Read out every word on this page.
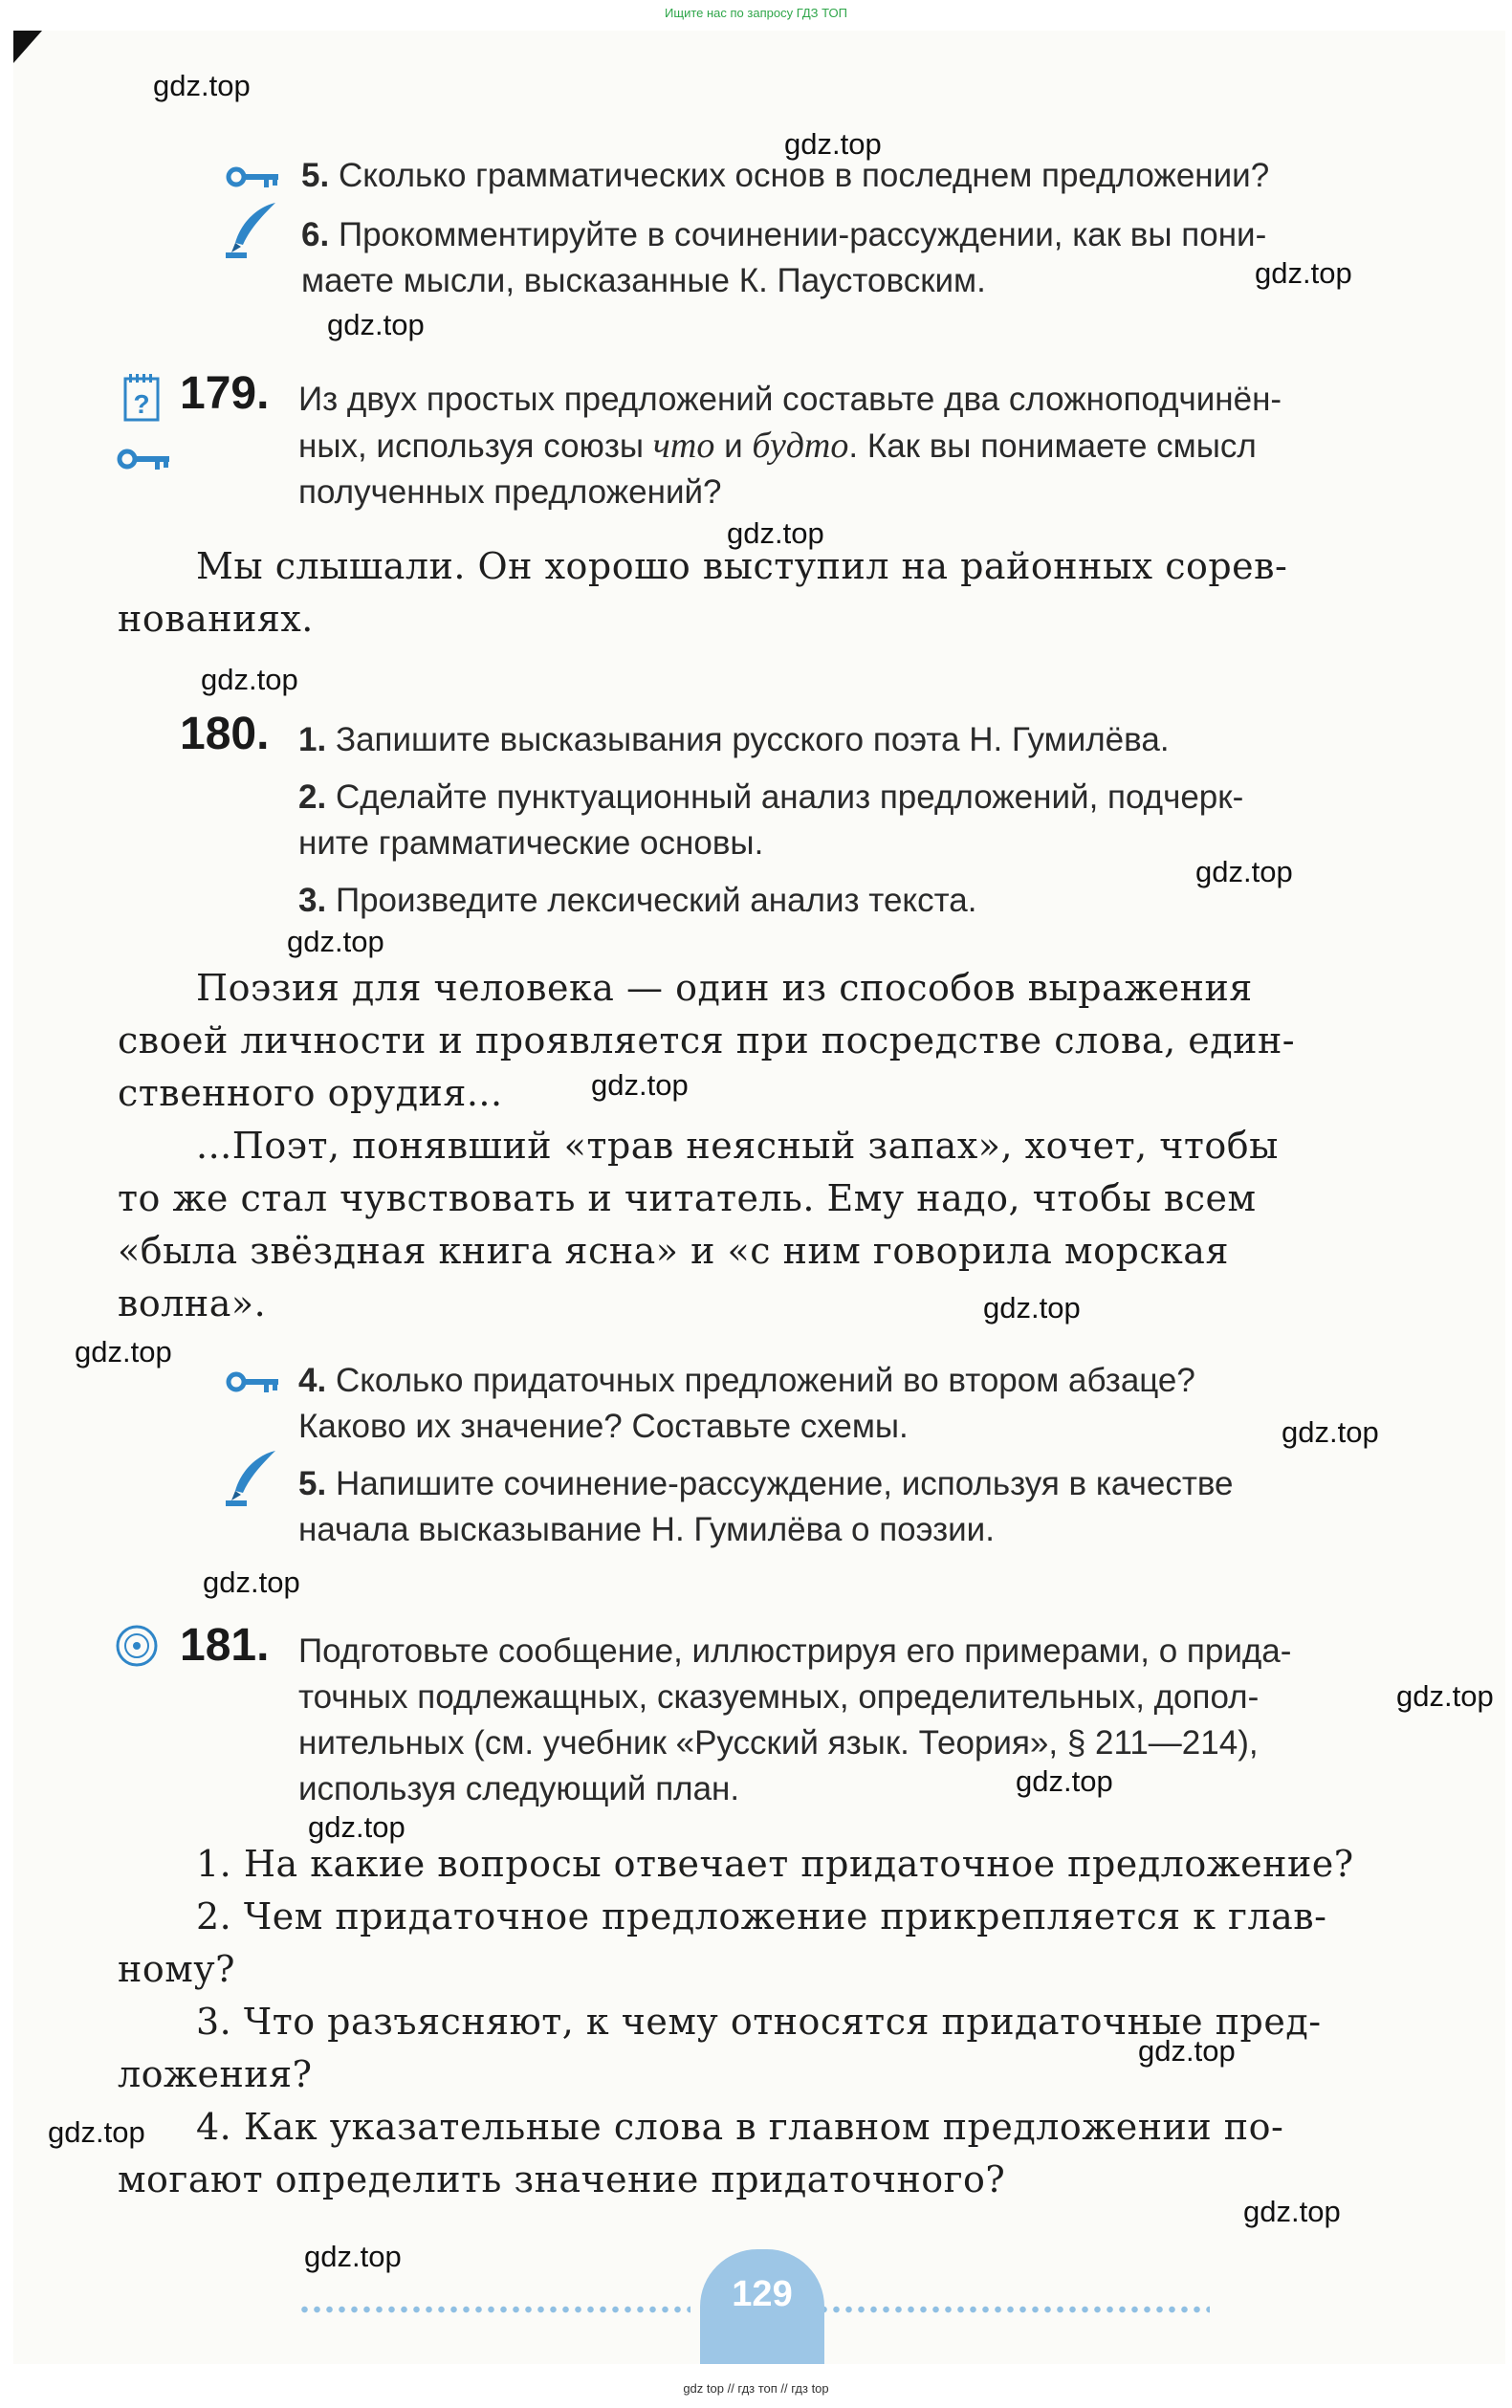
Ищите нас по запросу ГДЗ ТОП
5. Сколько грамматических основ в последнем предложении?
6. Прокомментируйте в сочинении-рассуждении, как вы пони-
маете мысли, высказанные К. Паустовским.
? 179. Из двух простых предложений составьте два сложноподчинён-
ных, используя союзы что и будто. Как вы понимаете смысл
полученных предложений?
Мы слышали. Он хорошо выступил на районных сорев-
нованиях.
180. 1. Запишите высказывания русского поэта Н. Гумилёва.
2. Сделайте пунктуационный анализ предложений, подчерк-
ните грамматические основы.
3. Произведите лексический анализ текста.
Поэзия для человека — один из способов выражения
своей личности и проявляется при посредстве слова, един-
ственного орудия...
...Поэт, понявший «трав неясный запах», хочет, чтобы
то же стал чувствовать и читатель. Ему надо, чтобы всем
«была звёздная книга ясна» и «с ним говорила морская
волна».
4. Сколько придаточных предложений во втором абзаце?
Каково их значение? Составьте схемы.
5. Напишите сочинение-рассуждение, используя в качестве
начала высказывание Н. Гумилёва о поэзии.
181. Подготовьте сообщение, иллюстрируя его примерами, о прида-
точных подлежащных, сказуемных, определительных, допол-
нительных (см. учебник «Русский язык. Теория», § 211—214),
используя следующий план.
1. На какие вопросы отвечает придаточное предложение?
2. Чем придаточное предложение прикрепляется к глав-
ному?
3. Что разъясняют, к чему относятся придаточные пред-
ложения?
4. Как указательные слова в главном предложении по-
могают определить значение придаточного?
129
gdz.top
gdz.top
gdz.top
gdz.top
gdz.top
gdz.top
gdz.top
gdz.top
gdz.top
gdz.top
gdz.top
gdz.top
gdz.top
gdz.top
gdz.top
gdz.top
gdz.top
gdz.top
gdz.top
gdz.top
gdz top // гдз топ // гдз top
